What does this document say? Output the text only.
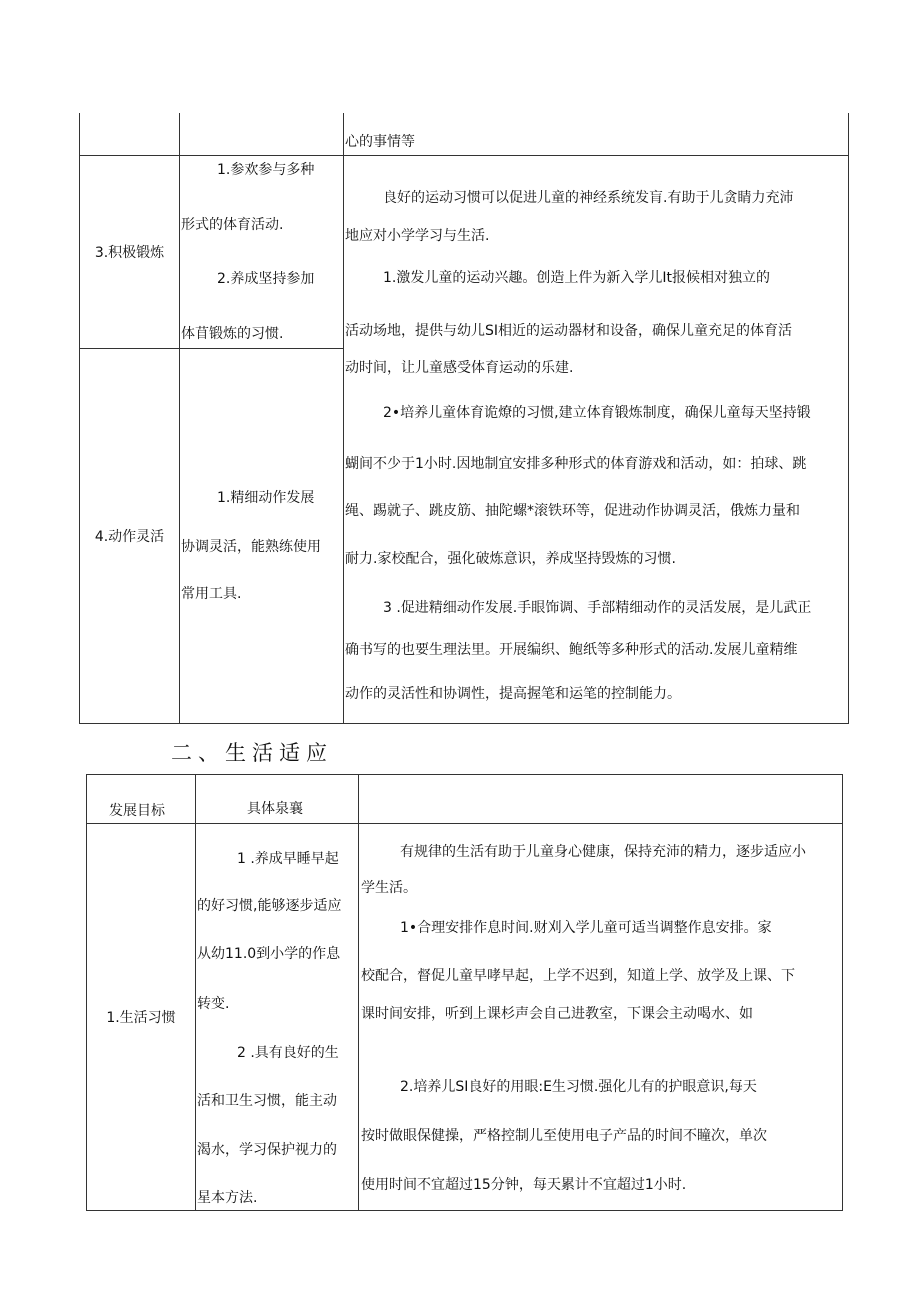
心的事情等
3.积极锻炼
1.参欢参与多种
形式的体育活动.
2.养成坚持参加
体苜锻炼的习惯.
4.动作灵活
1.精细动作发展
协调灵活，能熟练使用
常用工具.
良好的运动习惯可以促进儿童的神经系统发肓.有助于儿贪睛力充沛
地应对小学学习与生活.
1.激发儿童的运动兴趣。创造上件为新入学儿It报候相对独立的
活动场地，提供与幼儿SI相近的运动器材和设备，确保儿童充足的体育活
动时间，让儿童感受体育运动的乐建.
2•培养儿童体育诡燎的习惯,建立体育锻炼制度，确保儿童每天坚持锻
蝴间不少于1小时.因地制宜安排多种形式的体育游戏和活动，如：拍球、跳
绳、踢就子、跳皮筋、抽陀螺*滚铁环等，促进动作协调灵活，俄炼力量和
耐力.家校配合，强化破炼意识，养成坚持毁炼的习惯.
3 .促进精细动作发展.手眼饰调、手部精细动作的灵活发展，是儿武正
确书写的也要生理法里。开展编织、鲍纸等多种形式的活动.发展儿童精维
动作的灵活性和协调性，提高握笔和运笔的控制能力。
二、生活适应
发展目标	具体泉襄
1.生活习惯
1 .养成早睡早起
的好习惯,能够逐步适应
从幼11.0到小学的作息
转变.
2 .具有良好的生
活和卫生习惯，能主动
渴水，学习保护视力的
星本方法.
有规律的生活有助于儿童身心健康，保持充沛的精力，逐步适应小
学生活。
1•合理安排作息时间.财刈入学儿童可适当调整作息安排。家
校配合，督促儿童早哮早起，上学不迟到，知道上学、放学及上课、下
课时间安排，听到上课杉声会自己进教室，下课会主动喝水、如
2.培养儿SI良好的用眼:E生习惯.强化儿有的护眼意识,每天
按时做眼保健操，严格控制儿至使用电子产品的时间不瞳次，单次
使用时间不宜超过15分钟，每天累计不宜超过1小时.
